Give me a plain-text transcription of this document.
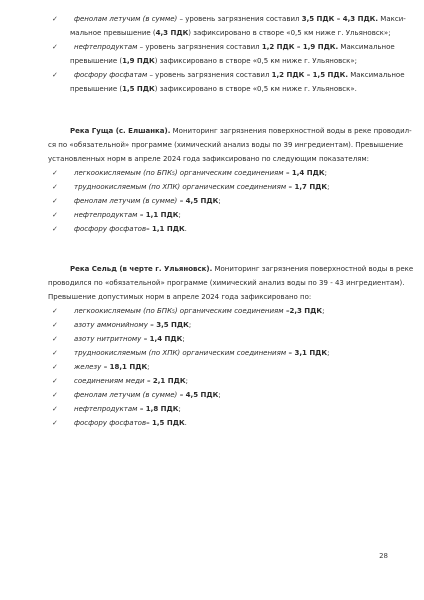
✓ фенолам летучим (в сумме) – уровень загрязнения составил 3,5 ПДК – 4,3 ПДК. Макси-
мальное превышение (4,3 ПДК) зафиксировано в створе «0,5 км ниже г. Ульяновск»;
✓ нефтепродуктам – уровень загрязнения составил 1,2 ПДК – 1,9 ПДК. Максимальное
превышение (1,9 ПДК) зафиксировано в створе «0,5 км ниже г. Ульяновск»;
✓ фосфору фосфатам – уровень загрязнения составил 1,2 ПДК – 1,5 ПДК. Максимальное
превышение (1,5 ПДК) зафиксировано в створе «0,5 км ниже г. Ульяновск».
Река Гуща (с. Елшанка). Мониторинг загрязнения поверхностной воды в реке проводил-
ся по «обязательной» программе (химический анализ воды по 39 ингредиентам). Превышение
установленных норм в апреле 2024 года зафиксировано по следующим показателям:
✓ легкоокисляемым (по БПК₅) органическим соединениям – 1,4 ПДК;
✓ трудноокисляемым (по ХПК) органическим соединениям – 1,7 ПДК;
✓ фенолам летучим (в сумме) – 4,5 ПДК;
✓ нефтепродуктам – 1,1 ПДК;
✓ фосфору фосфатов– 1,1 ПДК.
Река Сельд (в черте г. Ульяновск). Мониторинг загрязнения поверхностной воды в реке
проводился по «обязательной» программе (химический анализ воды по 39 - 43 ингредиентам).
Превышение допустимых норм в апреле 2024 года зафиксировано по:
✓ легкоокисляемым (по БПК₅) органическим соединениям –2,3 ПДК;
✓ азоту аммонийному – 3,5 ПДК;
✓ азоту нитритному – 1,4 ПДК;
✓ трудноокисляемым (по ХПК) органическим соединениям – 3,1 ПДК;
✓ железу – 18,1 ПДК;
✓ соединениям меди – 2,1 ПДК;
✓ фенолам летучим (в сумме) – 4,5 ПДК;
✓ нефтепродуктам – 1,8 ПДК;
✓ фосфору фосфатов– 1,5 ПДК.
28
